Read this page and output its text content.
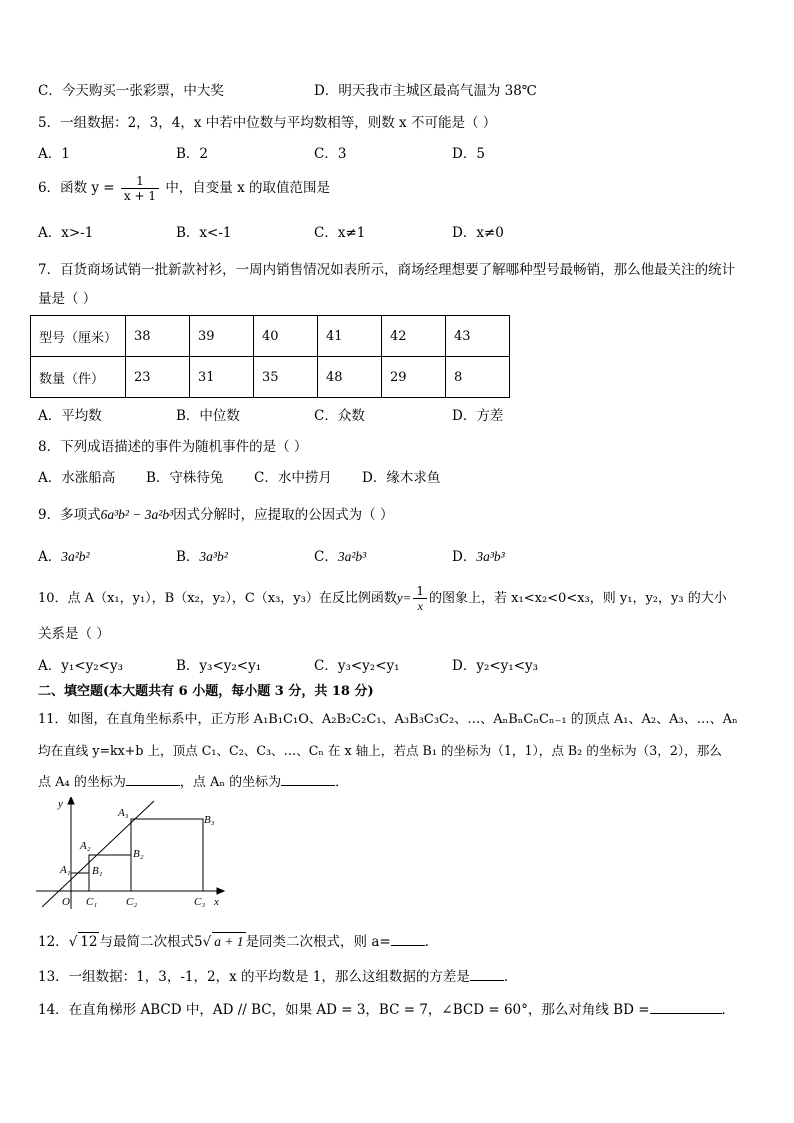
C．今天购买一张彩票，中大奖	D．明天我市主城区最高气温为 38℃
5．一组数据：2，3，4，x 中若中位数与平均数相等，则数 x 不可能是（ ）
A．1	B．2	C．3	D．5
6．函数 $y = \frac{1}{x + 1}$ 中，自变量 x 的取值范围是
A．x>-1	B．x<-1	C．x≠1	D．x≠0
7．百货商场试销一批新款衬衫，一周内销售情况如表所示，商场经理想要了解哪种型号最畅销，那么他最关注的统计
量是（ ）
型号（厘米）	38	39	40	41	42	43
数量（件）	23	31	35	48	29	8
A．平均数	B．中位数	C．众数	D．方差
8．下列成语描述的事件为随机事件的是（ ）
A．水涨船高 B．守株待兔 C．水中捞月 D．缘木求鱼
9．多项式6a³b² − 3a²b³因式分解时，应提取的公因式为（ ）
A．3a²b²	B．3a³b²	C．3a²b³	D．3a³b³
10．点 A（x₁，y₁），B（x₂，y₂），C（x₃，y₃）在反比例函数$y= \frac{1}{x}$ 的图象上，若 x₁<x₂<0<x₃，则 y₁，y₂，y₃ 的大小
关系是（ ）
A．y₁<y₂<y₃	B．y₃<y₂<y₁	C．y₃<y₂<y₁	D．y₂<y₁<y₃
二、填空题(本大题共有 6 小题，每小题 3 分，共 18 分)
11．如图，在直角坐标系中，正方形 A₁B₁C₁O、A₂B₂C₂C₁、A₃B₃C₃C₂、…、AₙBₙCₙCₙ₋₁ 的顶点 A₁、A₂、A₃、…、Aₙ
均在直线 y=kx+b 上，顶点 C₁、C₂、C₃、…、Cₙ 在 x 轴上，若点 B₁ 的坐标为（1，1），点 B₂ 的坐标为（3，2），那么
点 A₄ 的坐标为	，点 Aₙ 的坐标为	．
y
x
O
A₁
A₂
A₃
B₁
B₂
B₃
C₁	C₂	C₃
12．√ 12 与最简二次根式5√ a + 1 是同类二次根式，则 a=	．
13．一组数据：1，3，-1，2，x 的平均数是 1，那么这组数据的方差是	．
14．在直角梯形 ABCD 中，AD // BC，如果 AD = 3，BC = 7，∠BCD = 60°，那么对角线 BD =	．
